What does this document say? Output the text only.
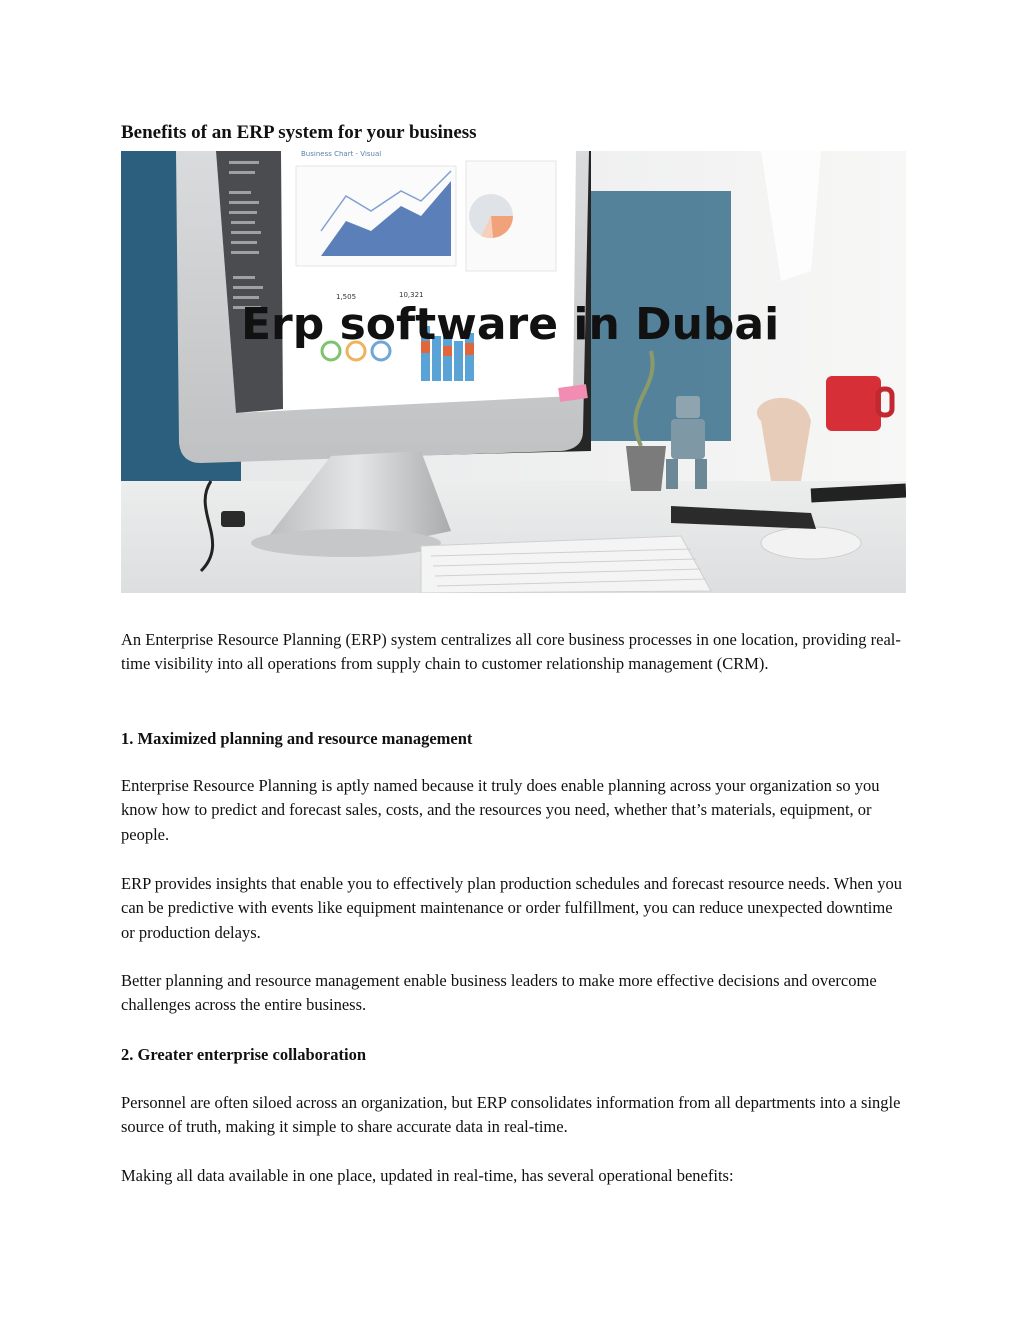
Benefits of an ERP system for your business
Business Chart - Visual
1,505	10,321
Erp software in Dubai

An Enterprise Resource Planning (ERP) system centralizes all core business processes in one location, providing real-time visibility into all operations from supply chain to customer relationship management (CRM).

1. Maximized planning and resource management

Enterprise Resource Planning is aptly named because it truly does enable planning across your organization so you know how to predict and forecast sales, costs, and the resources you need, whether that’s materials, equipment, or people.

ERP provides insights that enable you to effectively plan production schedules and forecast resource needs. When you can be predictive with events like equipment maintenance or order fulfillment, you can reduce unexpected downtime or production delays.

Better planning and resource management enable business leaders to make more effective decisions and overcome challenges across the entire business.

2. Greater enterprise collaboration

Personnel are often siloed across an organization, but ERP consolidates information from all departments into a single source of truth, making it simple to share accurate data in real-time.

Making all data available in one place, updated in real-time, has several operational benefits:
